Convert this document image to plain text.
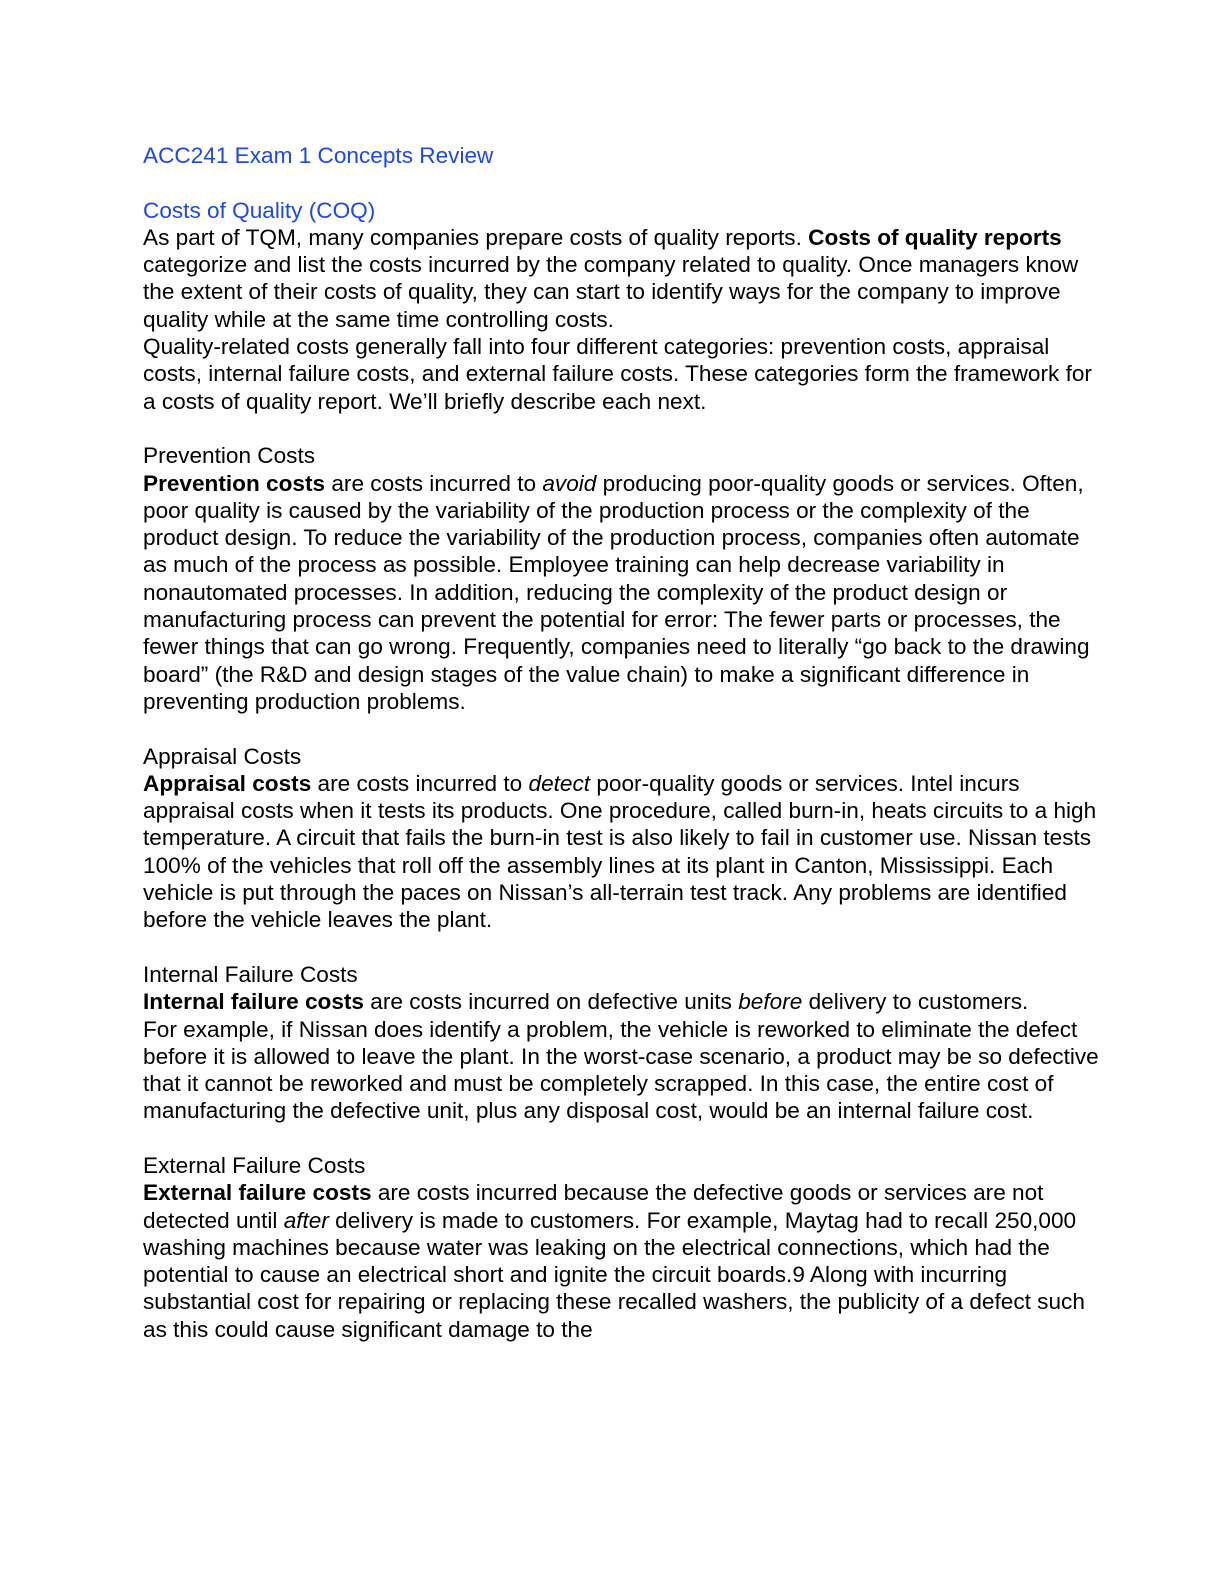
ACC241 Exam 1 Concepts Review
Costs of Quality (COQ)

As part of TQM, many companies prepare costs of quality reports. Costs of quality reports categorize and list the costs incurred by the company related to quality. Once managers know the extent of their costs of quality, they can start to identify ways for the company to improve quality while at the same time controlling costs.

Quality-related costs generally fall into four different categories: prevention costs, appraisal costs, internal failure costs, and external failure costs. These categories form the framework for a costs of quality report. We’ll briefly describe each next.

Prevention Costs

Prevention costs are costs incurred to avoid producing poor-quality goods or services. Often, poor quality is caused by the variability of the production process or the complexity of the product design. To reduce the variability of the production process, companies often automate as much of the process as possible. Employee training can help decrease variability in nonautomated processes. In addition, reducing the complexity of the product design or manufacturing process can prevent the potential for error: The fewer parts or processes, the fewer things that can go wrong. Frequently, companies need to literally “go back to the drawing board” (the R&D and design stages of the value chain) to make a significant difference in preventing production problems.

Appraisal Costs

Appraisal costs are costs incurred to detect poor-quality goods or services. Intel incurs appraisal costs when it tests its products. One procedure, called burn-in, heats circuits to a high temperature. A circuit that fails the burn-in test is also likely to fail in customer use. Nissan tests 100% of the vehicles that roll off the assembly lines at its plant in Canton, Mississippi. Each vehicle is put through the paces on Nissan’s all-terrain test track. Any problems are identified before the vehicle leaves the plant.

Internal Failure Costs

Internal failure costs are costs incurred on defective units before delivery to customers.

For example, if Nissan does identify a problem, the vehicle is reworked to eliminate the defect before it is allowed to leave the plant. In the worst-case scenario, a product may be so defective that it cannot be reworked and must be completely scrapped. In this case, the entire cost of manufacturing the defective unit, plus any disposal cost, would be an internal failure cost.

External Failure Costs

External failure costs are costs incurred because the defective goods or services are not detected until after delivery is made to customers. For example, Maytag had to recall 250,000 washing machines because water was leaking on the electrical connections, which had the potential to cause an electrical short and ignite the circuit boards.9 Along with incurring substantial cost for repairing or replacing these recalled washers, the publicity of a defect such as this could cause significant damage to the
